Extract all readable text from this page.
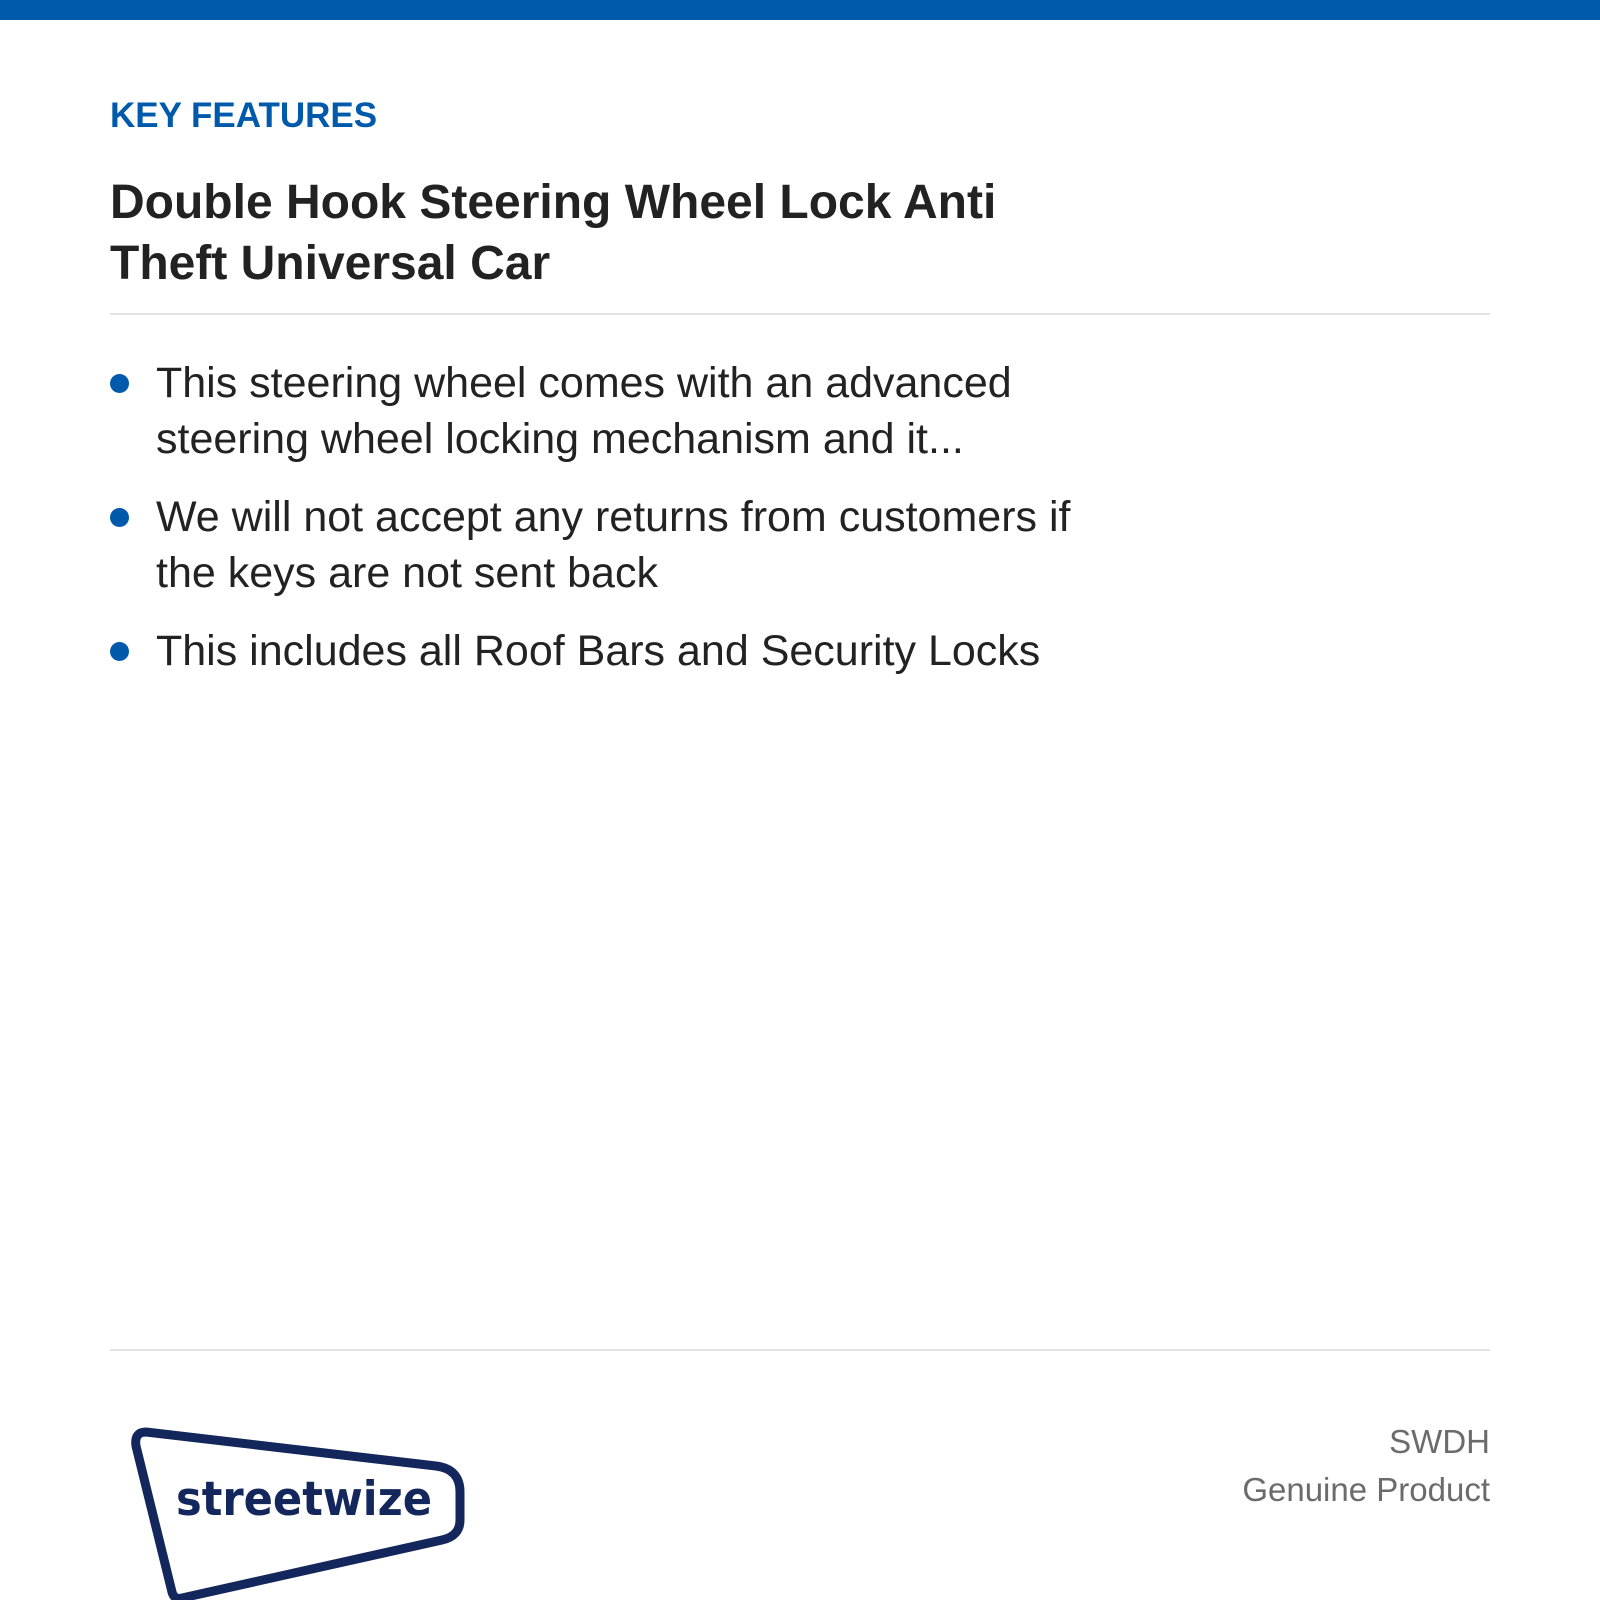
KEY FEATURES
Double Hook Steering Wheel Lock Anti Theft Universal Car
This steering wheel comes with an advanced steering wheel locking mechanism and it...
We will not accept any returns from customers if the keys are not sent back
This includes all Roof Bars and Security Locks
streetwize
SWDH
Genuine Product
